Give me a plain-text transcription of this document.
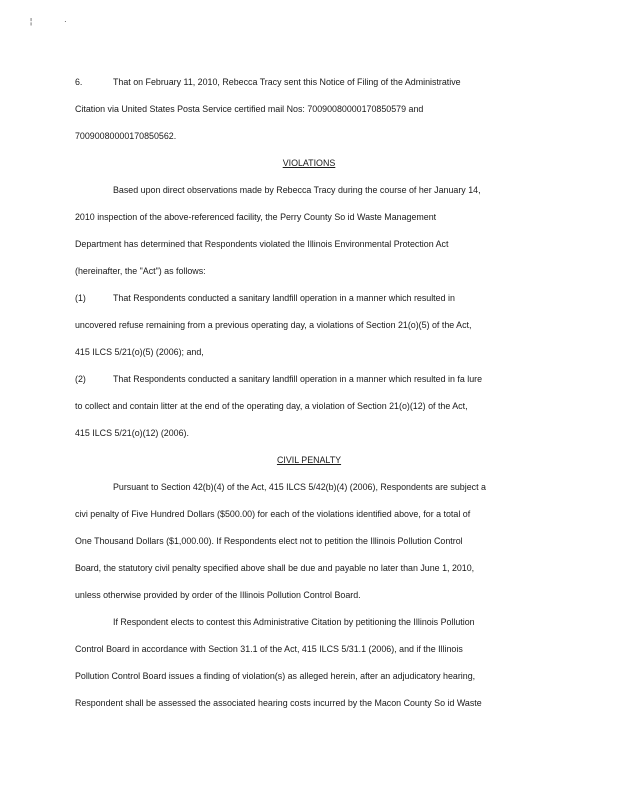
¦	·
6.	That on February 11, 2010, Rebecca Tracy sent this Notice of Filing of the Administrative
Citation via United States Posta Service certified mail Nos: 70090080000170850579 and
70090080000170850562.
VIOLATIONS
Based upon direct observations made by Rebecca Tracy during the course of her January 14,
2010 inspection of the above-referenced facility, the Perry County So id Waste Management
Department has determined that Respondents violated the Illinois Environmental Protection Act
(hereinafter, the "Act") as follows:
(1)	That Respondents conducted a sanitary landfill operation in a manner which resulted in
uncovered refuse remaining from a previous operating day, a violations of Section 21(o)(5) of the Act,
415 ILCS 5/21(o)(5) (2006); and,
(2)	That Respondents conducted a sanitary landfill operation in a manner which resulted in fa lure
to collect and contain litter at the end of the operating day, a violation of Section 21(o)(12) of the Act,
415 ILCS 5/21(o)(12) (2006).
CIVIL PENALTY
Pursuant to Section 42(b)(4) of the Act, 415 ILCS 5/42(b)(4) (2006), Respondents are subject a
civi penalty of Five Hundred Dollars ($500.00) for each of the violations identified above, for a total of
One Thousand Dollars ($1,000.00). If Respondents elect not to petition the Illinois Pollution Control
Board, the statutory civil penalty specified above shall be due and payable no later than June 1, 2010,
unless otherwise provided by order of the Illinois Pollution Control Board.
If Respondent elects to contest this Administrative Citation by petitioning the Illinois Pollution
Control Board in accordance with Section 31.1 of the Act, 415 ILCS 5/31.1 (2006), and if the Illinois
Pollution Control Board issues a finding of violation(s) as alleged herein, after an adjudicatory hearing,
Respondent shall be assessed the associated hearing costs incurred by the Macon County So id Waste
